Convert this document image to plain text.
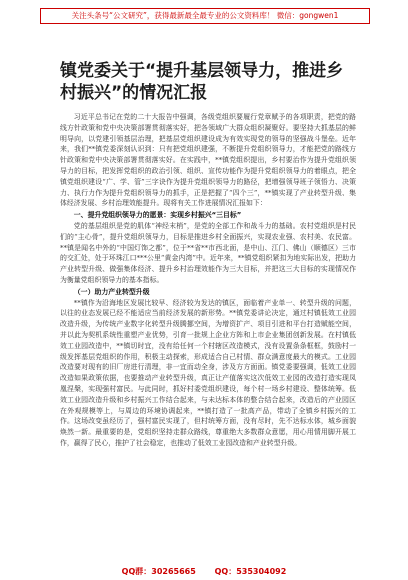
关注头条号“公文研究”，获得最新最全最专业的公文资料库！ 微信：gongwen1
镇党委关于“提升基层领导力，推进乡村振兴”的情况汇报

习近平总书记在党的二十大报告中强调，各级党组织要履行党章赋予的各项职责，把党的路线方针政策和党中央决策部署贯彻落实好，把各领域广大群众组织凝聚好。要坚持大抓基层的鲜明导向，以党建引领基层治理，把基层党组织建设成为有效实现党的领导的坚强战斗堡垒。近年来，我们**镇党委深刻认识到：只有把党组织建强，不断提升党组织领导力，才能把党的路线方针政策和党中央决策部署贯彻落实好。在实践中，**镇党组织提出，乡村要治作为提升党组织领导力的目标，把发挥党组织的政治引领、组织、宣传功能作为提升党组织领导力的着眼点，把全镇党组织建设“广、学、管”三字诀作为提升党组织领导力的路径，把增强领导班子领悟力、决策力、执行力作为提升党组织领导力的抓手，正是把握了“四个三”，**镇实现了产业转型升级、集体经济发展、乡村治理效能提升。现将有关工作进展情况汇报如下：

一、提升党组织领导力的愿景：实现乡村振兴“三目标”

党的基层组织是党的肌体“神经末梢”，是党的全部工作和战斗力的基础。农村党组织是村民们的“主心骨”，提升党组织领导力，目标是推进乡村全面振兴，实现农业强、农村美、农民富。**镇是闻名中外的“中国灯饰之都”，位于**省**市西北面，是中山、江门、佛山（顺德区）三市的交汇处，处于环珠江口***公里“黄金内湾”中。近年来，**镇党组织紧扣为地实际出发，把助力产业转型升级、做强集体经济、提升乡村治理效能作为三大目标，并把这三大目标的实现情况作为衡量党组织领导力的基本指标。

（一）助力产业转型升级

**镇作为沿海地区发展比较早、经济较为发达的镇区，面临着产业单一、转型升级的问题，以往的业态发展已经不能适应当前经济发展的新形势。**镇党委讲论决定，通过村镇低效工业园改造升级，为传统产业数字化转型升级腾挪空间，为增资扩产、项目引进和平台打造赋能空间，并以此为契机系统性重塑产业优势，引育一批规上企业方阵和上市企业集团创新发展。在村镇低效工业园改造中，**镇切时宜，没有给任何一个村辖区改造模式，没有设置条条框框，鼓励村一级发挥基层党组织的作用，积极主动探索，形成适合自己村情、群众满意度最大的模式。工业园改造要对现有的旧厂房进行清理，非一宜而动全身，涉及方方面面。镇党委要强调，低效工业园改造如果政策依据，也要推动产业转型升级，真正让产值落实这次低效工业园的改造打造实现凤凰涅槃，实现强村富民。与此同时，抓好村委党组织建设，每个村一场乡村建设、整体统筹。低效工业园改造升级和乡村振兴工作结合起来，与未达标本体的整合结合起来，改造后的产业园区在外观规模等上，与周边的环境协调起来，**镇打造了一批高产品，带动了全镇乡村振兴的工作。这场改变虽经历了，强村富民实现了，但村统筹方面，没有尽时，先不达标水体，城乡面貌焕然一新。最重要的是，党组织坚持走群众路线，尊重绝大多数群众意愿，用心用情用脚开展工作，赢得了民心，推护了社会稳定，也推动了低效工业园改造和产业转型升级。

QQ群：30265665 QQ：535304092
